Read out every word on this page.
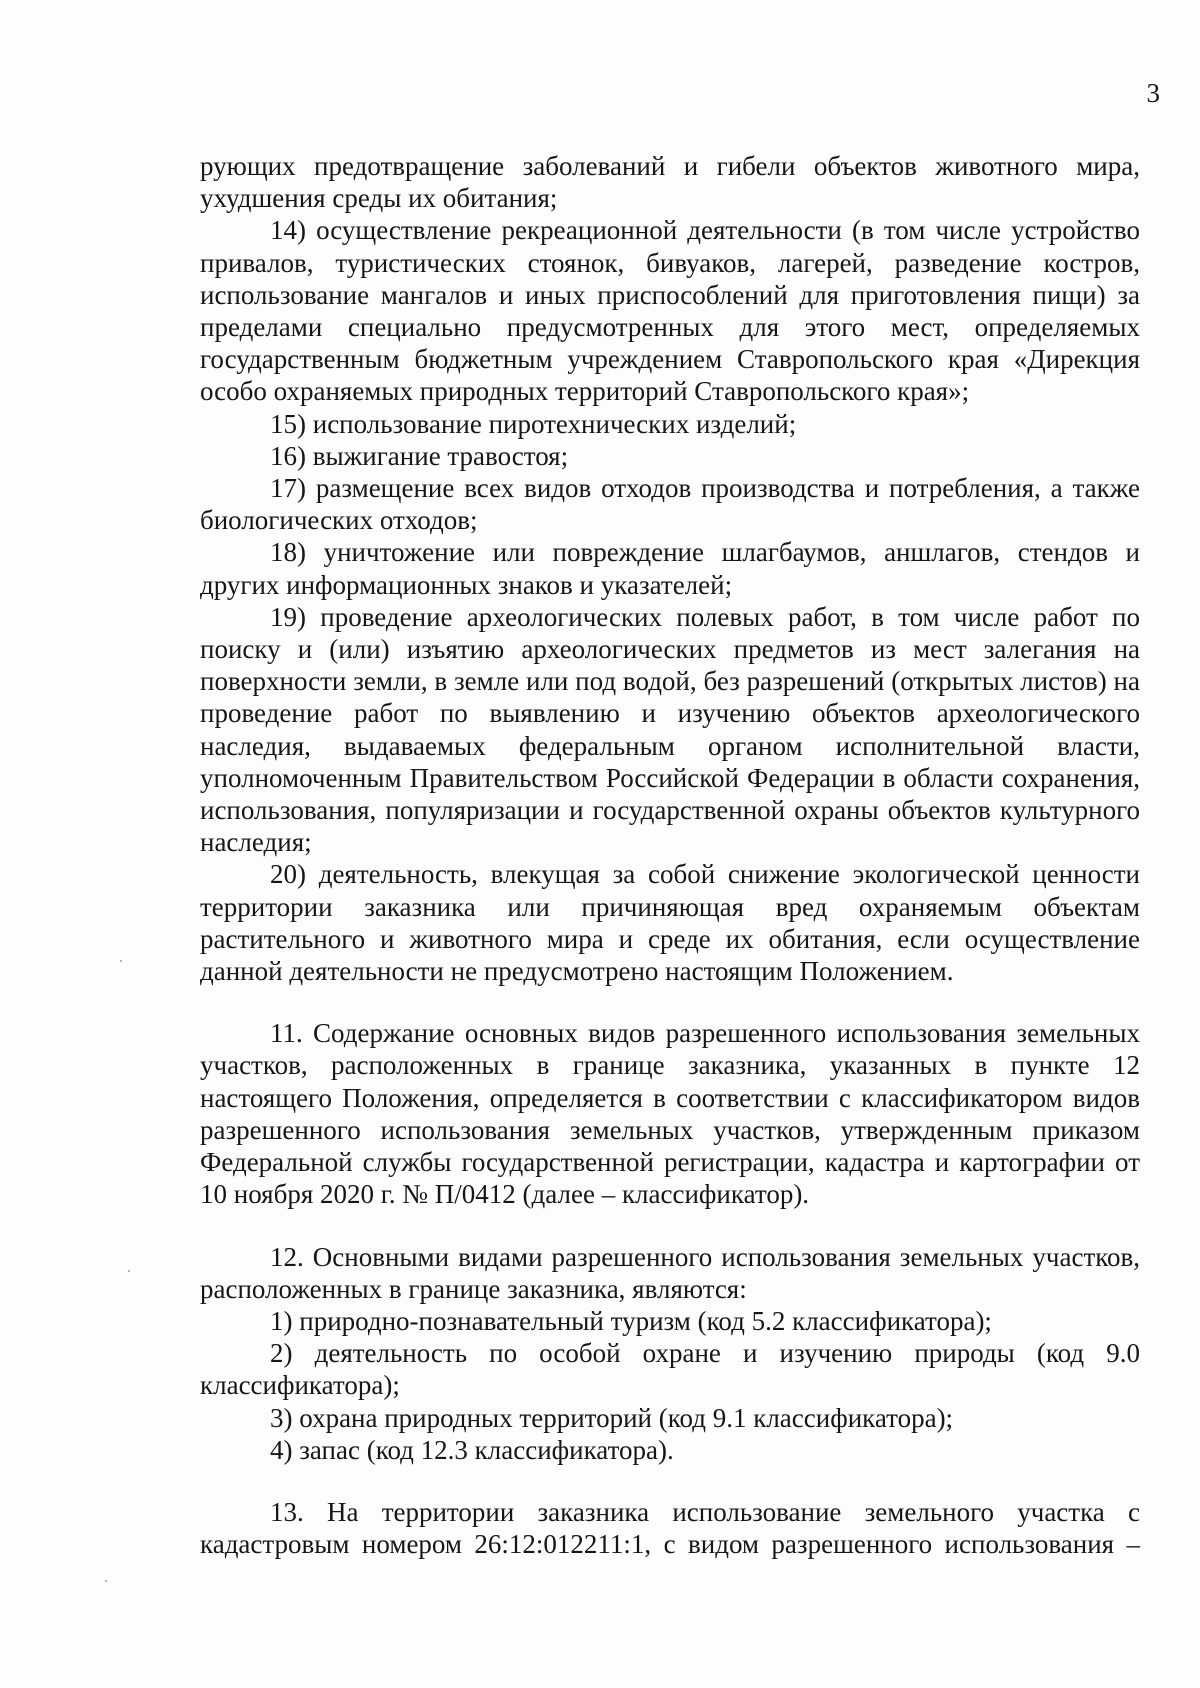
3

рующих предотвращение заболеваний и гибели объектов животного мира, ухудшения среды их обитания;

14) осуществление рекреационной деятельности (в том числе устройство привалов, туристических стоянок, бивуаков, лагерей, разведение костров, использование мангалов и иных приспособлений для приготовления пищи) за пределами специально предусмотренных для этого мест, определяемых государственным бюджетным учреждением Ставропольского края «Дирекция особо охраняемых природных территорий Ставропольского края»;

15) использование пиротехнических изделий;

16) выжигание травостоя;

17) размещение всех видов отходов производства и потребления, а также биологических отходов;

18) уничтожение или повреждение шлагбаумов, аншлагов, стендов и других информационных знаков и указателей;

19) проведение археологических полевых работ, в том числе работ по поиску и (или) изъятию археологических предметов из мест залегания на поверхности земли, в земле или под водой, без разрешений (открытых листов) на проведение работ по выявлению и изучению объектов археологического наследия, выдаваемых федеральным органом исполнительной власти, уполномоченным Правительством Российской Федерации в области сохранения, использования, популяризации и государственной охраны объектов культурного наследия;

20) деятельность, влекущая за собой снижение экологической ценности территории заказника или причиняющая вред охраняемым объектам растительного и животного мира и среде их обитания, если осуществление данной деятельности не предусмотрено настоящим Положением.

11. Содержание основных видов разрешенного использования земельных участков, расположенных в границе заказника, указанных в пункте 12 настоящего Положения, определяется в соответствии с классификатором видов разрешенного использования земельных участков, утвержденным приказом Федеральной службы государственной регистрации, кадастра и картографии от 10 ноября 2020 г. № П/0412 (далее – классификатор).

12. Основными видами разрешенного использования земельных участков, расположенных в границе заказника, являются:

1) природно-познавательный туризм (код 5.2 классификатора);

2) деятельность по особой охране и изучению природы (код 9.0 классификатора);

3) охрана природных территорий (код 9.1 классификатора);

4) запас (код 12.3 классификатора).

13. На территории заказника использование земельного участка с кадастровым номером 26:12:012211:1, с видом разрешенного использования –
